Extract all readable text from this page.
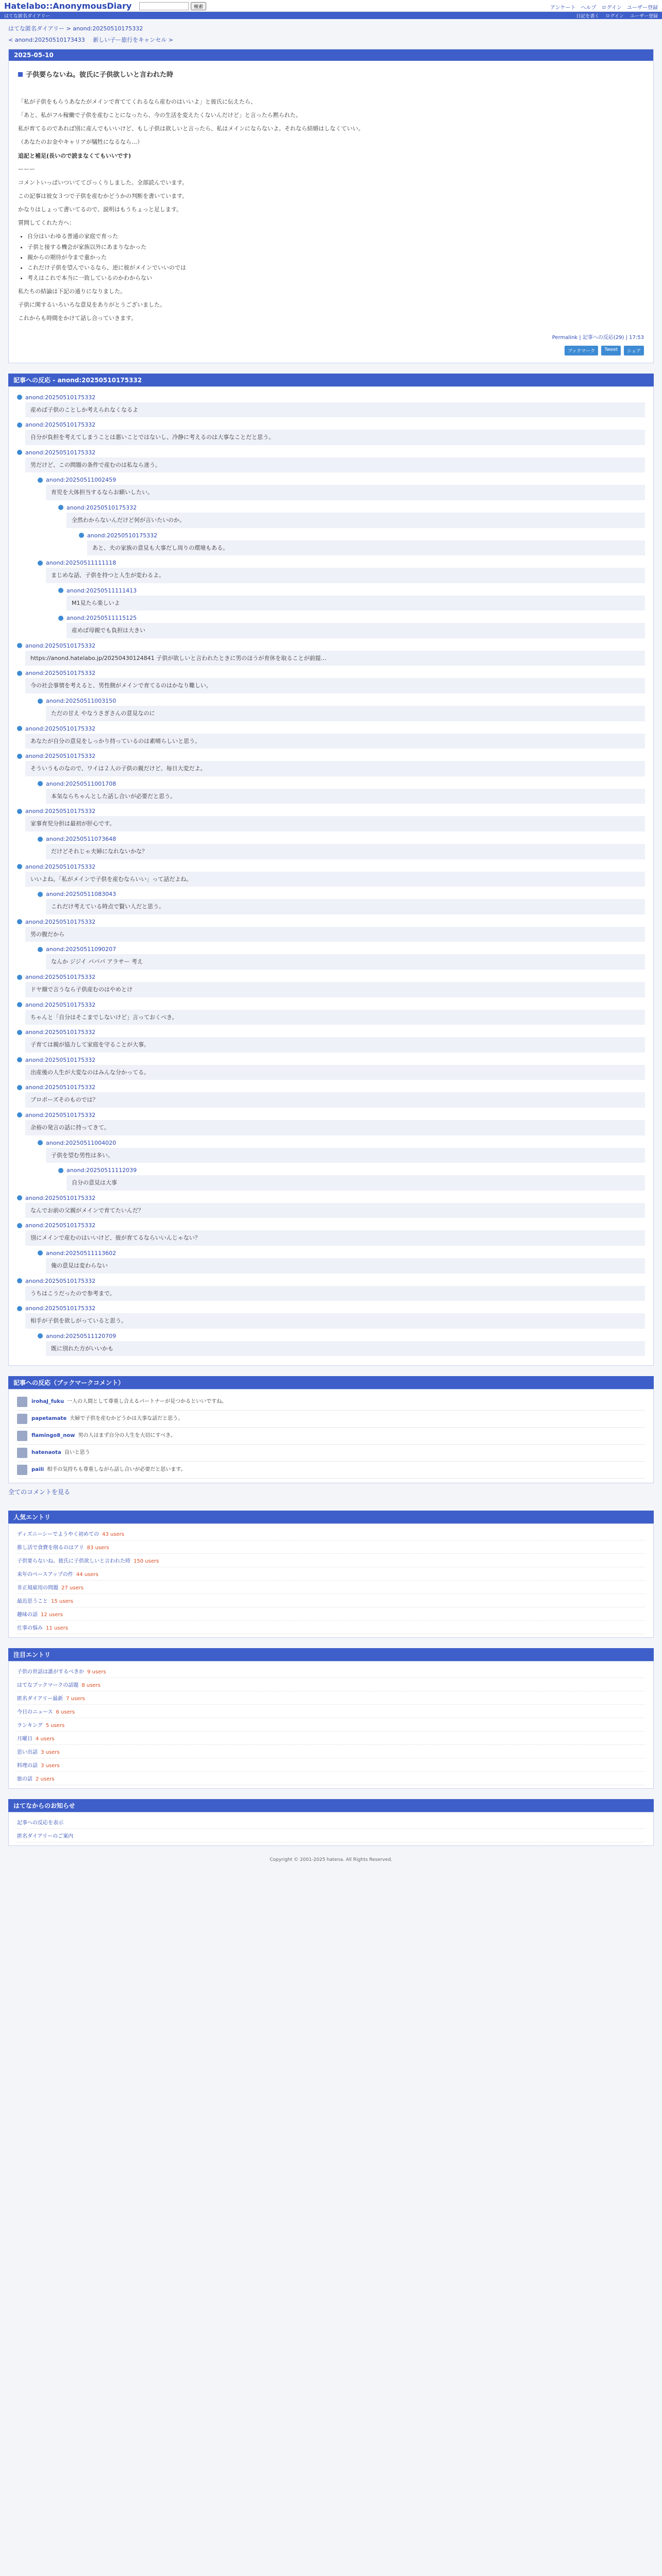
Hatelabo::AnonymousDiary	検索	アンケート ヘルプ ログイン ユーザー登録
はてな匿名ダイアリー	日記を書く ログイン ユーザー登録
はてな匿名ダイアリー > anond:20250510175332
< anond:20250510173433 新しい子ー旅行をキャンセル >
2025-05-10
子供要らないね。彼氏に子供欲しいと言われた時

「私が子供をもらうあなたがメインで育ててくれるなら産むのはいいよ」と彼氏に伝えたら、

「あと、私がフル稼働で子供を産むことになったら、今の生活を変えたくないんだけど」と言ったら黙られた。

私が育てるのであれば別に産んでもいいけど、もし子供は欲しいと言ったら、私はメインにならないよ。それなら結婚はしなくていい。

（あなたのお金やキャリアが犠牲になるなら…）

追記と補足(長いので読まなくてもいいです)

ーーー

コメントいっぱいついててびっくりしました。全部読んでいます。

この記事は彼女３つで子供を産むかどうかの判断を書いています。

かなりはしょって書いてるので、説明はもうちょっと足します。

質問してくれた方へ：

• 自分はいわゆる普通の家庭で育った
• 子供と接する機会が家族以外にあまりなかった
• 親からの期待が今まで重かった
• これだけ子供を望んでいるなら、逆に彼がメインでいいのでは
• 考えはこれで本当に一致しているのかわからない

私たちの結論は下記の通りになりました。

子供に関するいろいろな意見をありがとうございました。

これからも時間をかけて話し合っていきます。

Permalink | 記事への反応(29) | 17:53
ブックマーク	Tweet	シェア
記事への反応 - anond:20250510175332
anond:20250510175332
産めば子供のことしか考えられなくなるよ
anond:20250510175332
自分が負担を考えてしまうことは悪いことではないし、冷静に考えるのは大事なことだと思う。
anond:20250510175332
男だけど、この問題の条件で産むのは私なら迷う。
anond:20250511002459
育児を大体担当するならお願いしたい。
anond:20250510175332
全然わからないんだけど何が言いたいのか。
anond:20250510175332
あと、夫の家族の意見も大事だし周りの環境もある。
anond:20250511111118
まじめな話、子供を持つと人生が変わるよ。
anond:20250511111413
M1見たら楽しいよ
anond:20250511115125
産めば母親でも負担は大きい
anond:20250510175332
https://anond.hatelabo.jp/20250430124841 子供が欲しいと言われたときに男のほうが育休を取ることが前提…
anond:20250510175332
今の社会事情を考えると、男性側がメインで育てるのはかなり難しい。
anond:20250511003150
ただの甘え やなうさぎさんの意見なのに
anond:20250510175332
あなたが自分の意見をしっかり持っているのは素晴らしいと思う。
anond:20250510175332
そういうものなので、ワイは２人の子供の親だけど、毎日大変だよ。
anond:20250511001708
本気ならちゃんとした話し合いが必要だと思う。
anond:20250510175332
家事育児分担は最初が肝心です。
anond:20250511073648
だけどそれじゃ夫婦になれないかな？
anond:20250510175332
いいよね。「私がメインで子供を産むならいい」って話だよね。
anond:20250511083043
これだけ考えている時点で賢い人だと思う。
anond:20250510175332
男の腹だから
anond:20250511090207
なんか ジジイ バババ アラサー 考え
anond:20250510175332
ドヤ顔で言うなら子供産むのはやめとけ
anond:20250510175332
ちゃんと「自分はそこまでしないけど」言っておくべき。
anond:20250510175332
子育ては親が協力して家庭を守ることが大事。
anond:20250510175332
出産後の人生が大変なのはみんな分かってる。
anond:20250510175332
プロポーズそのものでは？
anond:20250510175332
余裕の発言の話に持ってきて。
anond:20250511004020
子供を望む男性は多い。
anond:20250511112039
自分の意見は大事
anond:20250510175332
なんでお前の父親がメインで育てたいんだ？
anond:20250510175332
別にメインで産むのはいいけど、彼が育てるならいいんじゃない？
anond:20250511113602
俺の意見は変わらない
anond:20250510175332
うちはこうだったので参考まで。
anond:20250510175332
相手が子供を欲しがっていると思う。
anond:20250511120709
既に別れた方がいいかも
記事への反応（ブックマークコメント）
irohaJ_fuku 一人の人間として尊重し合えるパートナーが見つかるといいですね。
papetamate 夫婦で子供を産むかどうかは大事な話だと思う。
flamingo8_now 男の人はまず自分の人生を大切にすべき。
hatenaota 良いと思う
paili 相手の気持ちも尊重しながら話し合いが必要だと思います。
全てのコメントを見る
人気エントリ
ディズニーシーでようやく初めての 43 users
推し活で食費を削るのはアリ 83 users
子供要らないね。彼氏に子供欲しいと言われた時 150 users
来年のベースアップの件 44 users
非正規雇用の問題 27 users
最近思うこと 15 users
趣味の話 12 users
仕事の悩み 11 users
注目エントリ
子供の世話は誰がするべきか 9 users
はてなブックマークの話題 8 users
匿名ダイアリー最新 7 users
今日のニュース 6 users
ランキング 5 users
月曜日 4 users
思い出話 3 users
料理の話 3 users
旅の話 2 users
はてなからのお知らせ
記事への反応を表示
匿名ダイアリーのご案内
Copyright © 2001-2025 hatena. All Rights Reserved.
